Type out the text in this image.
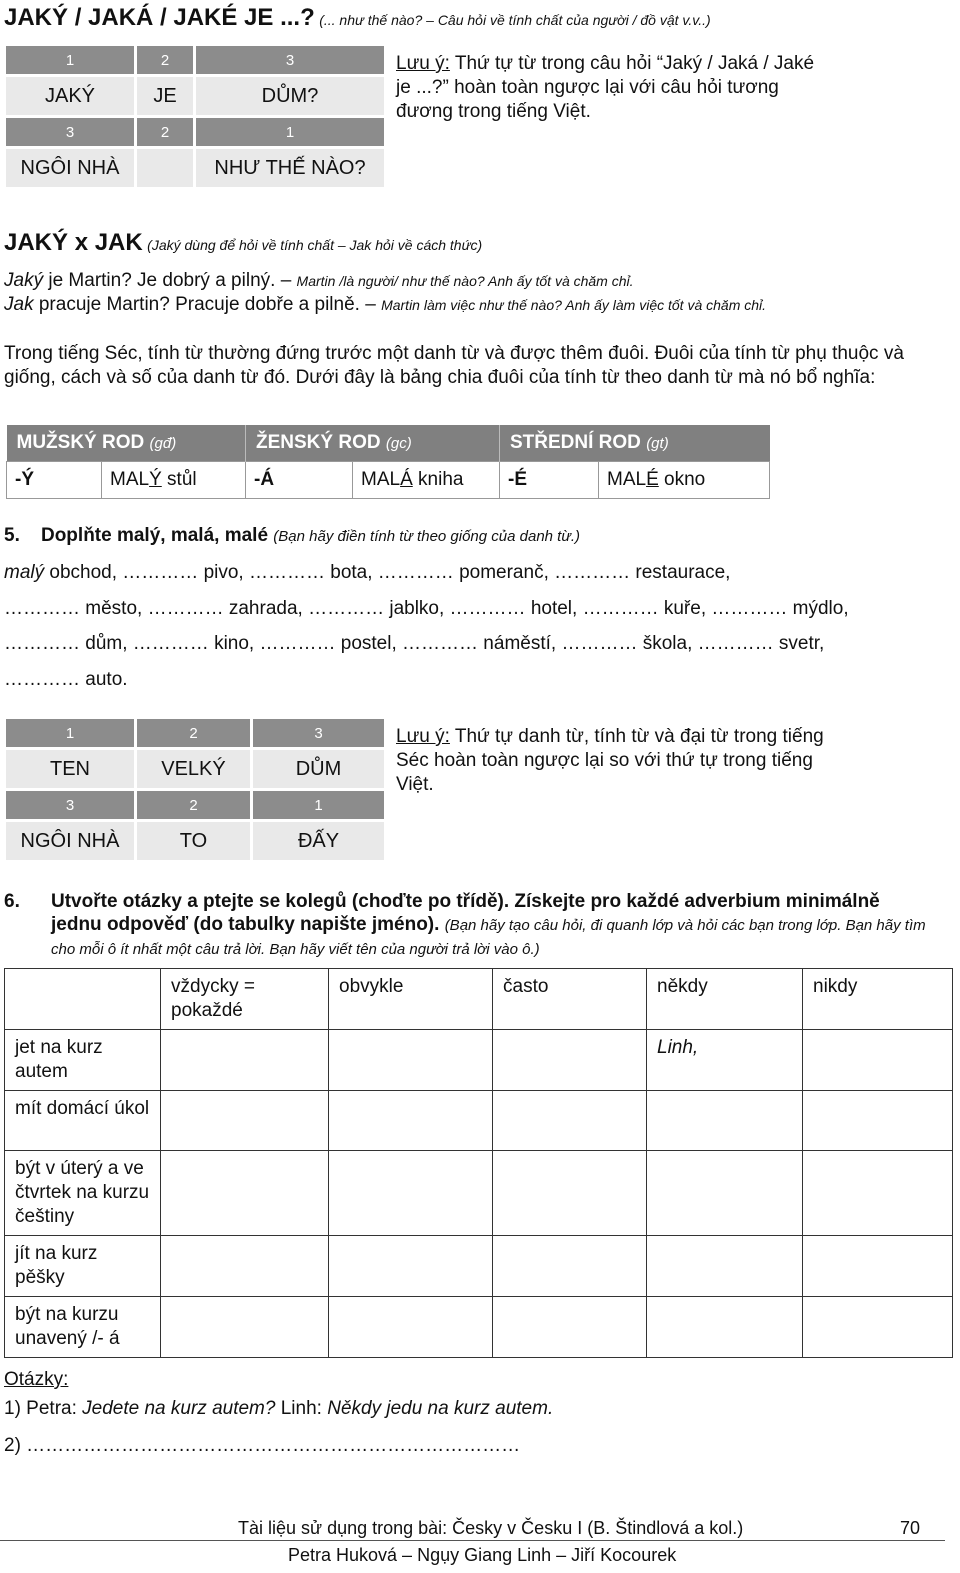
JAKÝ / JAKÁ / JAKÉ JE ...? (... như thế nào? – Câu hỏi về tính chất của người / đồ vật v.v..)
1	2	3
JAKÝ	JE	DŮM?
3	2	1
NGÔI NHÀ		NHƯ THẾ NÀO?
Lưu ý: Thứ tự từ trong câu hỏi “Jaký / Jaká / Jaké je ...?” hoàn toàn ngược lại với câu hỏi tương đương trong tiếng Việt.
JAKÝ x JAK (Jaký dùng để hỏi về tính chất – Jak hỏi về cách thức)
Jaký je Martin? Je dobrý a pilný. – Martin /là người/ như thế nào? Anh ấy tốt và chăm chỉ.
Jak pracuje Martin? Pracuje dobře a pilně. – Martin làm việc như thế nào? Anh ấy làm việc tốt và chăm chỉ.
Trong tiếng Séc, tính từ thường đứng trước một danh từ và được thêm đuôi. Đuôi của tính từ phụ thuộc và giống, cách và số của danh từ đó. Dưới đây là bảng chia đuôi của tính từ theo danh từ mà nó bổ nghĩa:
MUŽSKÝ ROD (gđ)		ŽENSKÝ ROD (gc)		STŘEDNÍ ROD (gt)	
-Ý	MALÝ stůl	-Á	MALÁ kniha	-É	MALÉ okno
5. Doplňte malý, malá, malé (Bạn hãy điền tính từ theo giống của danh từ.)
malý obchod, ………… pivo, ………… bota, ………… pomeranč, ………… restaurace,
………… město, ………… zahrada, ………… jablko, ………… hotel, ………… kuře, ………… mýdlo,
………… dům, ………… kino, ………… postel, ………… náměstí, ………… škola, ………… svetr,
………… auto.
1	2	3
TEN	VELKÝ	DŮM
3	2	1
NGÔI NHÀ	TO	ĐẤY
Lưu ý: Thứ tự danh từ, tính từ và đại từ trong tiếng Séc hoàn toàn ngược lại so với thứ tự trong tiếng Việt.
6. Utvořte otázky a ptejte se kolegů (choďte po třídě). Získejte pro každé adverbium minimálně jednu odpověď (do tabulky napište jméno). (Bạn hãy tạo câu hỏi, đi quanh lớp và hỏi các bạn trong lớp. Bạn hãy tìm cho mỗi ô ít nhất một câu trả lời. Bạn hãy viết tên của người trả lời vào ô.)
	vždycky = pokaždé	obvykle	často	někdy	nikdy
jet na kurz autem				Linh,	
mít domácí úkol					
být v úterý a ve čtvrtek na kurzu češtiny					
jít na kurz pěšky					
být na kurzu unavený /- á					
Otázky:
1) Petra: Jedete na kurz autem? Linh: Někdy jedu na kurz autem.
2) ……………………………………………………………………
Tài liệu sử dụng trong bài: Česky v Česku I (B. Štindlová a kol.)	70
Petra Huková – Ngụy Giang Linh – Jiří Kocourek
